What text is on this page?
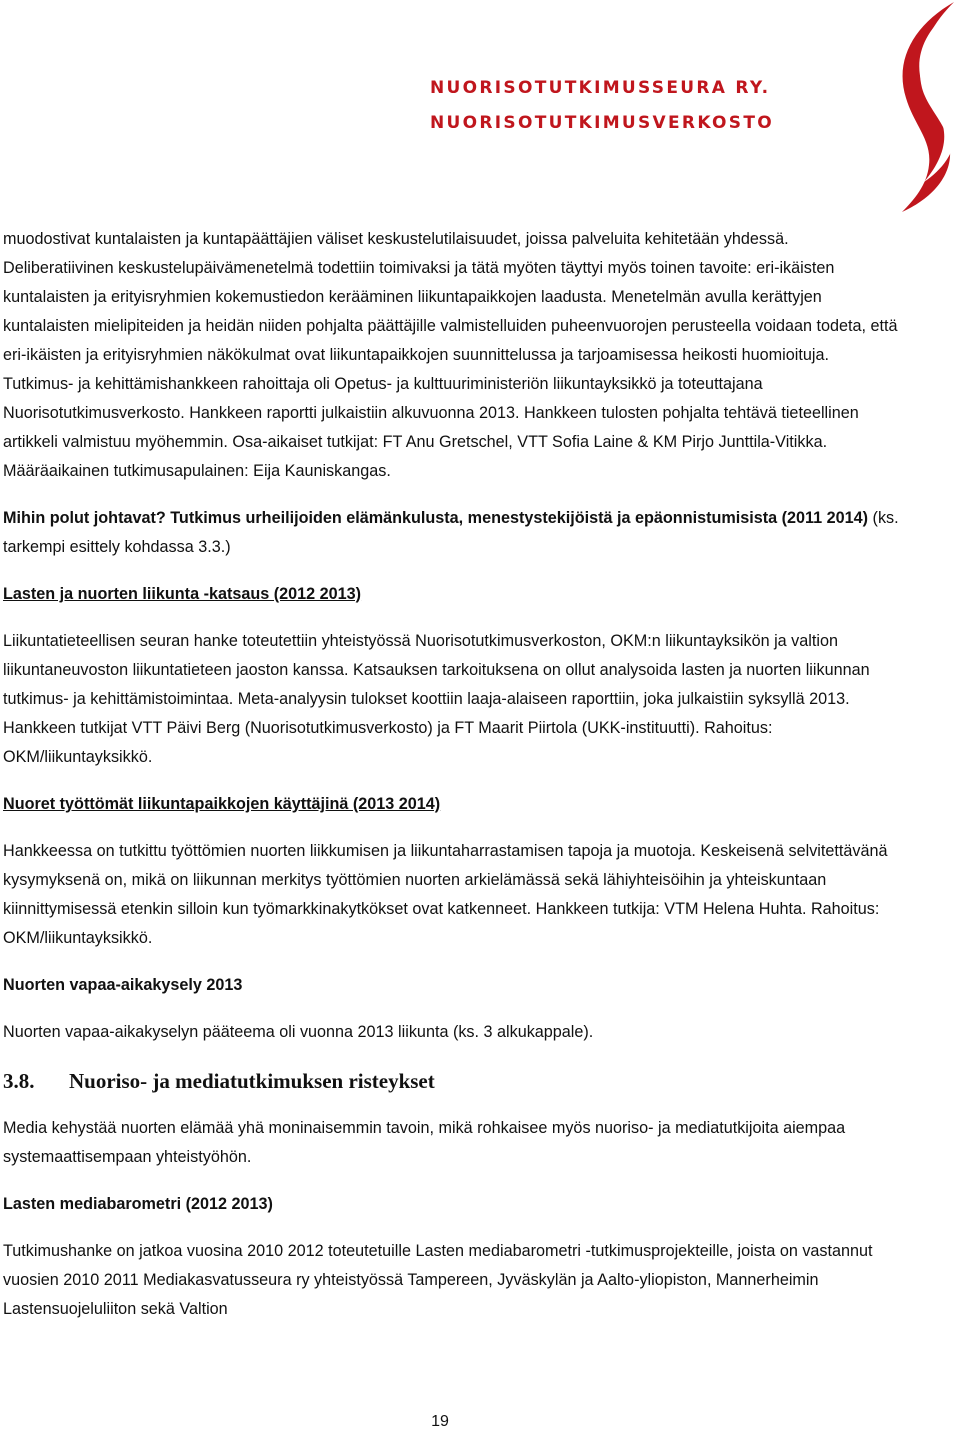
NUORISOTUTKIMUSSEURA RY.
NUORISOTUTKIMUSVERKOSTO

muodostivat kuntalaisten ja kuntapäättäjien väliset keskustelutilaisuudet, joissa palveluita kehitetään yhdessä. Deliberatiivinen keskustelupäivämenetelmä todettiin toimivaksi ja tätä myöten täyttyi myös toinen tavoite: eri-ikäisten kuntalaisten ja erityisryhmien kokemustiedon kerääminen liikuntapaikkojen laadusta. Menetelmän avulla kerättyjen kuntalaisten mielipiteiden ja heidän niiden pohjalta päättäjille valmistelluiden puheenvuorojen perusteella voidaan todeta, että eri-ikäisten ja erityisryhmien näkökulmat ovat liikuntapaikkojen suunnittelussa ja tarjoamisessa heikosti huomioituja. Tutkimus- ja kehittämishankkeen rahoittaja oli Opetus- ja kulttuuriministeriön liikuntayksikkö ja toteuttajana Nuorisotutkimusverkosto. Hankkeen raportti julkaistiin alkuvuonna 2013. Hankkeen tulosten pohjalta tehtävä tieteellinen artikkeli valmistuu myöhemmin. Osa-aikaiset tutkijat: FT Anu Gretschel, VTT Sofia Laine & KM Pirjo Junttila-Vitikka. Määräaikainen tutkimusapulainen: Eija Kauniskangas.

Mihin polut johtavat? Tutkimus urheilijoiden elämänkulusta, menestystekijöistä ja epäonnistumisista (2011 2014) (ks. tarkempi esittely kohdassa 3.3.)

Lasten ja nuorten liikunta -katsaus (2012 2013)

Liikuntatieteellisen seuran hanke toteutettiin yhteistyössä Nuorisotutkimusverkoston, OKM:n liikuntayksikön ja valtion liikuntaneuvoston liikuntatieteen jaoston kanssa. Katsauksen tarkoituksena on ollut analysoida lasten ja nuorten liikunnan tutkimus- ja kehittämistoimintaa. Meta-analyysin tulokset koottiin laaja-alaiseen raporttiin, joka julkaistiin syksyllä 2013. Hankkeen tutkijat VTT Päivi Berg (Nuorisotutkimusverkosto) ja FT Maarit Piirtola (UKK-instituutti). Rahoitus: OKM/liikuntayksikkö.

Nuoret työttömät liikuntapaikkojen käyttäjinä (2013 2014)

Hankkeessa on tutkittu työttömien nuorten liikkumisen ja liikuntaharrastamisen tapoja ja muotoja. Keskeisenä selvitettävänä kysymyksenä on, mikä on liikunnan merkitys työttömien nuorten arkielämässä sekä lähiyhteisöihin ja yhteiskuntaan kiinnittymisessä etenkin silloin kun työmarkkinakytkökset ovat katkenneet. Hankkeen tutkija: VTM Helena Huhta. Rahoitus: OKM/liikuntayksikkö.

Nuorten vapaa-aikakysely 2013

Nuorten vapaa-aikakyselyn pääteema oli vuonna 2013 liikunta (ks. 3 alkukappale).

3.8. Nuoriso- ja mediatutkimuksen risteykset

Media kehystää nuorten elämää yhä moninaisemmin tavoin, mikä rohkaisee myös nuoriso- ja mediatutkijoita aiempaa systemaattisempaan yhteistyöhön.

Lasten mediabarometri (2012 2013)

Tutkimushanke on jatkoa vuosina 2010 2012 toteutetuille Lasten mediabarometri -tutkimusprojekteille, joista on vastannut vuosien 2010 2011 Mediakasvatusseura ry yhteistyössä Tampereen, Jyväskylän ja Aalto-yliopiston, Mannerheimin Lastensuojeluliiton sekä Valtion

19
